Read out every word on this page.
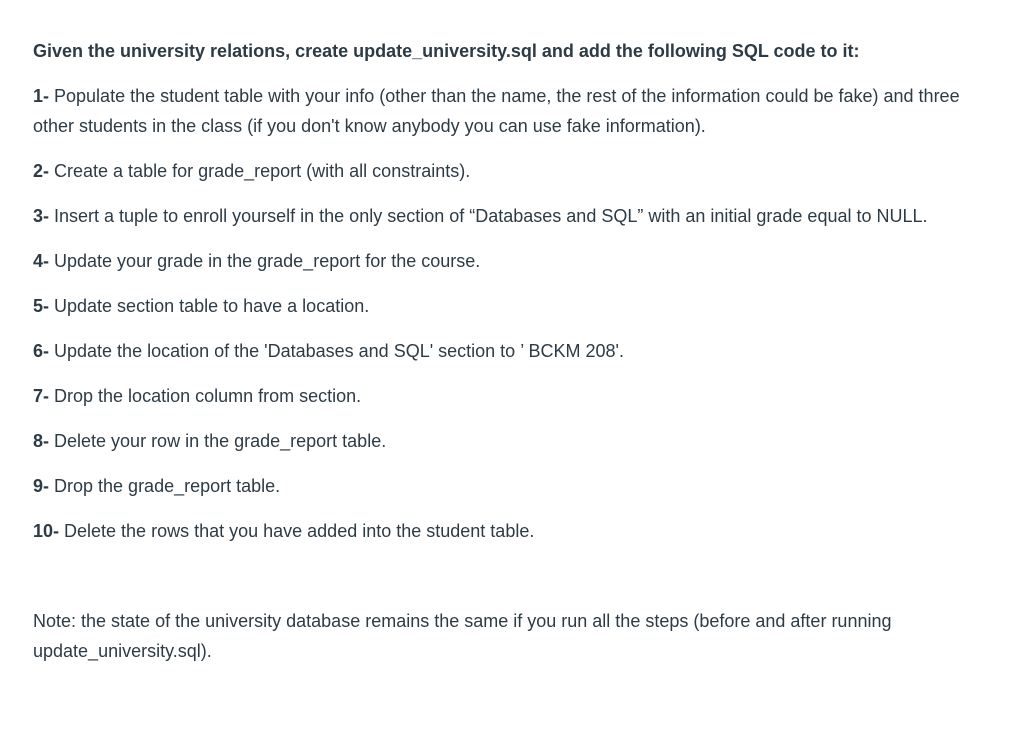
Given the university relations, create update_university.sql and add the following SQL code to it:

1- Populate the student table with your info (other than the name, the rest of the information could be fake) and three other students in the class (if you don't know anybody you can use fake information).

2- Create a table for grade_report (with all constraints).

3- Insert a tuple to enroll yourself in the only section of “Databases and SQL” with an initial grade equal to NULL.

4- Update your grade in the grade_report for the course.

5- Update section table to have a location.

6- Update the location of the 'Databases and SQL' section to ’ BCKM 208'.

7- Drop the location column from section.

8- Delete your row in the grade_report table.

9- Drop the grade_report table.

10- Delete the rows that you have added into the student table.

Note: the state of the university database remains the same if you run all the steps (before and after running update_university.sql).
